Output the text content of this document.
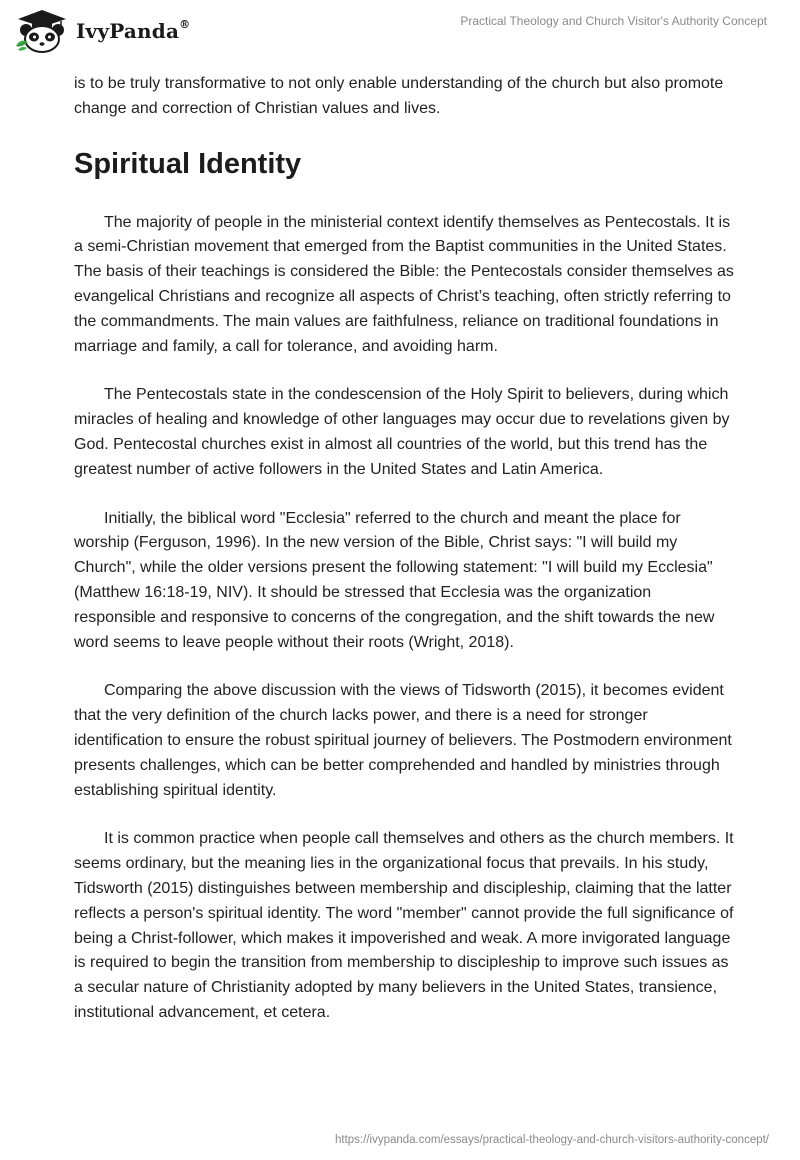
IvyPanda®	Practical Theology and Church Visitor's Authority Concept

is to be truly transformative to not only enable understanding of the church but also promote change and correction of Christian values and lives.

Spiritual Identity

The majority of people in the ministerial context identify themselves as Pentecostals. It is a semi-Christian movement that emerged from the Baptist communities in the United States. The basis of their teachings is considered the Bible: the Pentecostals consider themselves as evangelical Christians and recognize all aspects of Christ’s teaching, often strictly referring to the commandments. The main values are faithfulness, reliance on traditional foundations in marriage and family, a call for tolerance, and avoiding harm.

The Pentecostals state in the condescension of the Holy Spirit to believers, during which miracles of healing and knowledge of other languages may occur due to revelations given by God. Pentecostal churches exist in almost all countries of the world, but this trend has the greatest number of active followers in the United States and Latin America.

Initially, the biblical word "Ecclesia" referred to the church and meant the place for worship (Ferguson, 1996). In the new version of the Bible, Christ says: "I will build my Church", while the older versions present the following statement: "I will build my Ecclesia" (Matthew 16:18-19, NIV). It should be stressed that Ecclesia was the organization responsible and responsive to concerns of the congregation, and the shift towards the new word seems to leave people without their roots (Wright, 2018).

Comparing the above discussion with the views of Tidsworth (2015), it becomes evident that the very definition of the church lacks power, and there is a need for stronger identification to ensure the robust spiritual journey of believers. The Postmodern environment presents challenges, which can be better comprehended and handled by ministries through establishing spiritual identity.

It is common practice when people call themselves and others as the church members. It seems ordinary, but the meaning lies in the organizational focus that prevails. In his study, Tidsworth (2015) distinguishes between membership and discipleship, claiming that the latter reflects a person's spiritual identity. The word "member" cannot provide the full significance of being a Christ-follower, which makes it impoverished and weak. A more invigorated language is required to begin the transition from membership to discipleship to improve such issues as a secular nature of Christianity adopted by many believers in the United States, transience, institutional advancement, et cetera.

https://ivypanda.com/essays/practical-theology-and-church-visitors-authority-concept/
